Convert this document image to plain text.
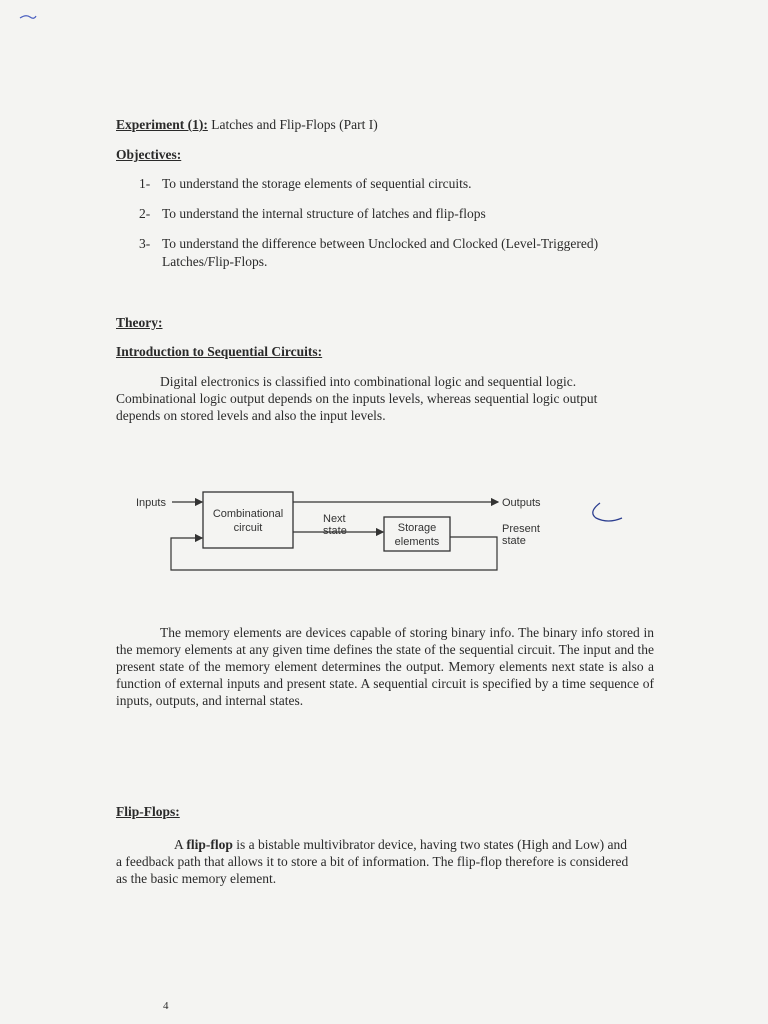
Experiment (1): Latches and Flip-Flops (Part I)
Objectives:
1- To understand the storage elements of sequential circuits.
2- To understand the internal structure of latches and flip-flops
3- To understand the difference between Unclocked and Clocked (Level-Triggered) Latches/Flip-Flops.
Theory:
Introduction to Sequential Circuits:
Digital electronics is classified into combinational logic and sequential logic. Combinational logic output depends on the inputs levels, whereas sequential logic output depends on stored levels and also the input levels.
Inputs
Combinational
circuit
Outputs
Next
state	Storage
elements
Present
state
The memory elements are devices capable of storing binary info. The binary info stored in the memory elements at any given time defines the state of the sequential circuit. The input and the present state of the memory element determines the output. Memory elements next state is also a function of external inputs and present state. A sequential circuit is specified by a time sequence of inputs, outputs, and internal states.
Flip-Flops:
A flip-flop is a bistable multivibrator device, having two states (High and Low) and a feedback path that allows it to store a bit of information. The flip-flop therefore is considered as the basic memory element.
4
